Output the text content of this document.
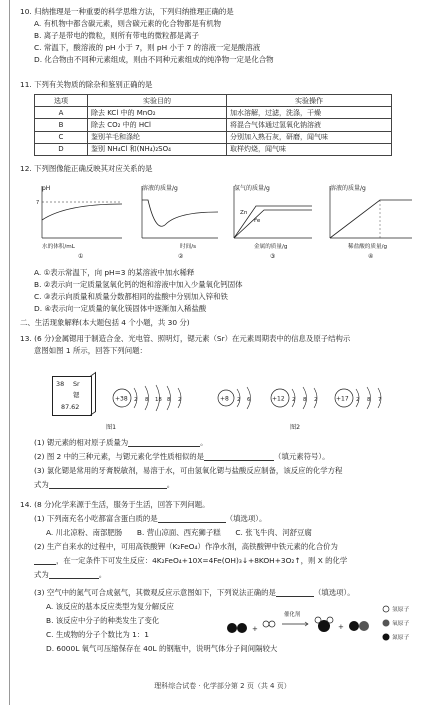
10. 归纳推理是一种重要的科学思维方法，下列归纳推理正确的是
A. 有机物中都含碳元素，则含碳元素的化合物都是有机物
B. 离子是带电的微粒，则所有带电的微粒都是离子
C. 常温下，酸溶液的 pH 小于 7，则 pH 小于 7 的溶液一定是酸溶液
D. 化合物由不同种元素组成，则由不同种元素组成的纯净物一定是化合物
11. 下列有关物质的除杂和鉴别正确的是
选项	实验目的	实验操作
A	除去 KCl 中的 MnO₂	加水溶解，过滤，洗涤，干燥
B	除去 CO₂ 中的 HCl	将混合气体通过氢氧化钠溶液
C	鉴别羊毛和涤纶	分别加入熟石灰，研磨，闻气味
D	鉴别 NH₄Cl 和(NH₄)₂SO₄	取样灼烧，闻气味
12. 下列图像能正确反映其对应关系的是
pH
7
水的体积/mL
①
溶液的质量/g
时间/s
②
氢气的质量/g
Zn
Fe
金属的质量/g
③
溶液的质量/g
稀盐酸的质量/g
④
A. ①表示常温下，向 pH=3 的某溶液中加水稀释
B. ②表示向一定质量氢氧化钙的饱和溶液中加入少量氧化钙固体
C. ③表示向质量和质量分数都相同的盐酸中分别加入锌和铁
D. ④表示向一定质量的氧化镁固体中逐渐加入稀盐酸
二、生活现象解释(本大题包括 4 个小题，共 30 分)
13. (6 分)金属锶用于制造合金、光电管、照明灯，锶元素（Sr）在元素周期表中的信息及原子结构示
意图如图 1 所示，回答下列问题：
38 Sr
锶
87.62
+38 2 8 18 8 2
图1
+8 2 6	+12 2 8 2	+17 2 8 7
图2
(1) 锶元素的相对原子质量为	。
(2) 图 2 中的三种元素，与锶元素化学性质相似的是	（填元素符号）。
(3) 氯化锶是常用的牙膏脱敏剂，易溶于水，可由氢氧化锶与盐酸反应制备，该反应的化学方程
式为	。
14. (8 分)化学来源于生活，服务于生活，回答下列问题。
(1) 下列南充名小吃都富含蛋白质的是	（填选项）。
A. 川北凉粉、南部肥肠　　B. 营山凉面、西充狮子糕　　C. 张飞牛肉、河舒豆腐
(2) 生产自来水的过程中，可用高铁酸钾（K₂FeO₄）作净水剂，高铁酸钾中铁元素的化合价为
，在一定条件下可发生反应：4K₂FeO₄+10X=4Fe(OH)₃↓+8KOH+3O₂↑，则 X 的化学
式为	。
(3) 空气中的氮气可合成氨气，其微观反应示意图如下，下列说法正确的是	（填选项）。
A. 该反应的基本反应类型为复分解反应
B. 该反应中分子的种类发生了变化
C. 生成物的分子个数比为 1：1
D. 6000L 氧气可压缩保存在 40L 的钢瓶中，说明气体分子间间隔较大
+
催化剂
+
氢原子
氧原子
氮原子
理科综合试卷 · 化学部分第 2 页（共 4 页）
